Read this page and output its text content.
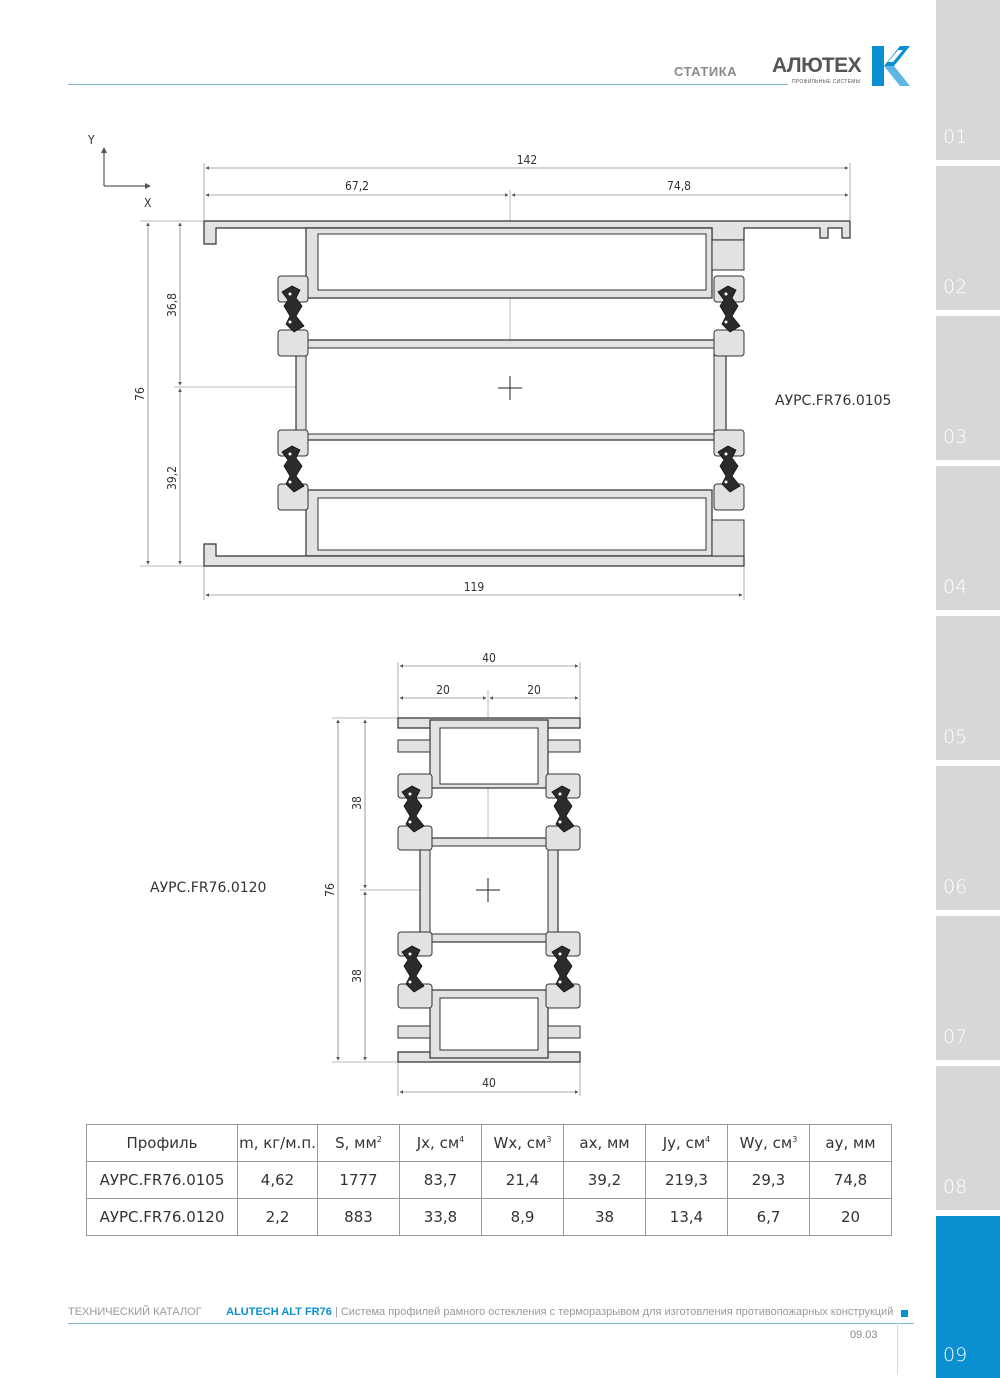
СТАТИКА АЛЮТЕХ
ПРОФИЛЬНЫЕ СИСТЕМЫ
01
02
03
04
05
06
07
08
09
Y
X
142
67,2	74,8
76
36,8
39,2
119
АУРС.FR76.0105
40
20	20
76
38
38
40
АУРС.FR76.0120
Профиль	m, кг/м.п.	S, $мм^2$	Jx, $см^4$	Wx, $см^3$	ax, мм	Jy, $см^4$	Wy, $см^3$	ay, мм
АУРС.FR76.0105	4,62	1777	83,7	21,4	39,2	219,3	29,3	74,8
АУРС.FR76.0120	2,2	883	33,8	8,9	38	13,4	6,7	20
ТЕХНИЧЕСКИЙ КАТАЛОГ ALUTECH ALT FR76 | Система профилей рамного остекления с терморазрывом для изготовления противопожарных конструкций
09.03
